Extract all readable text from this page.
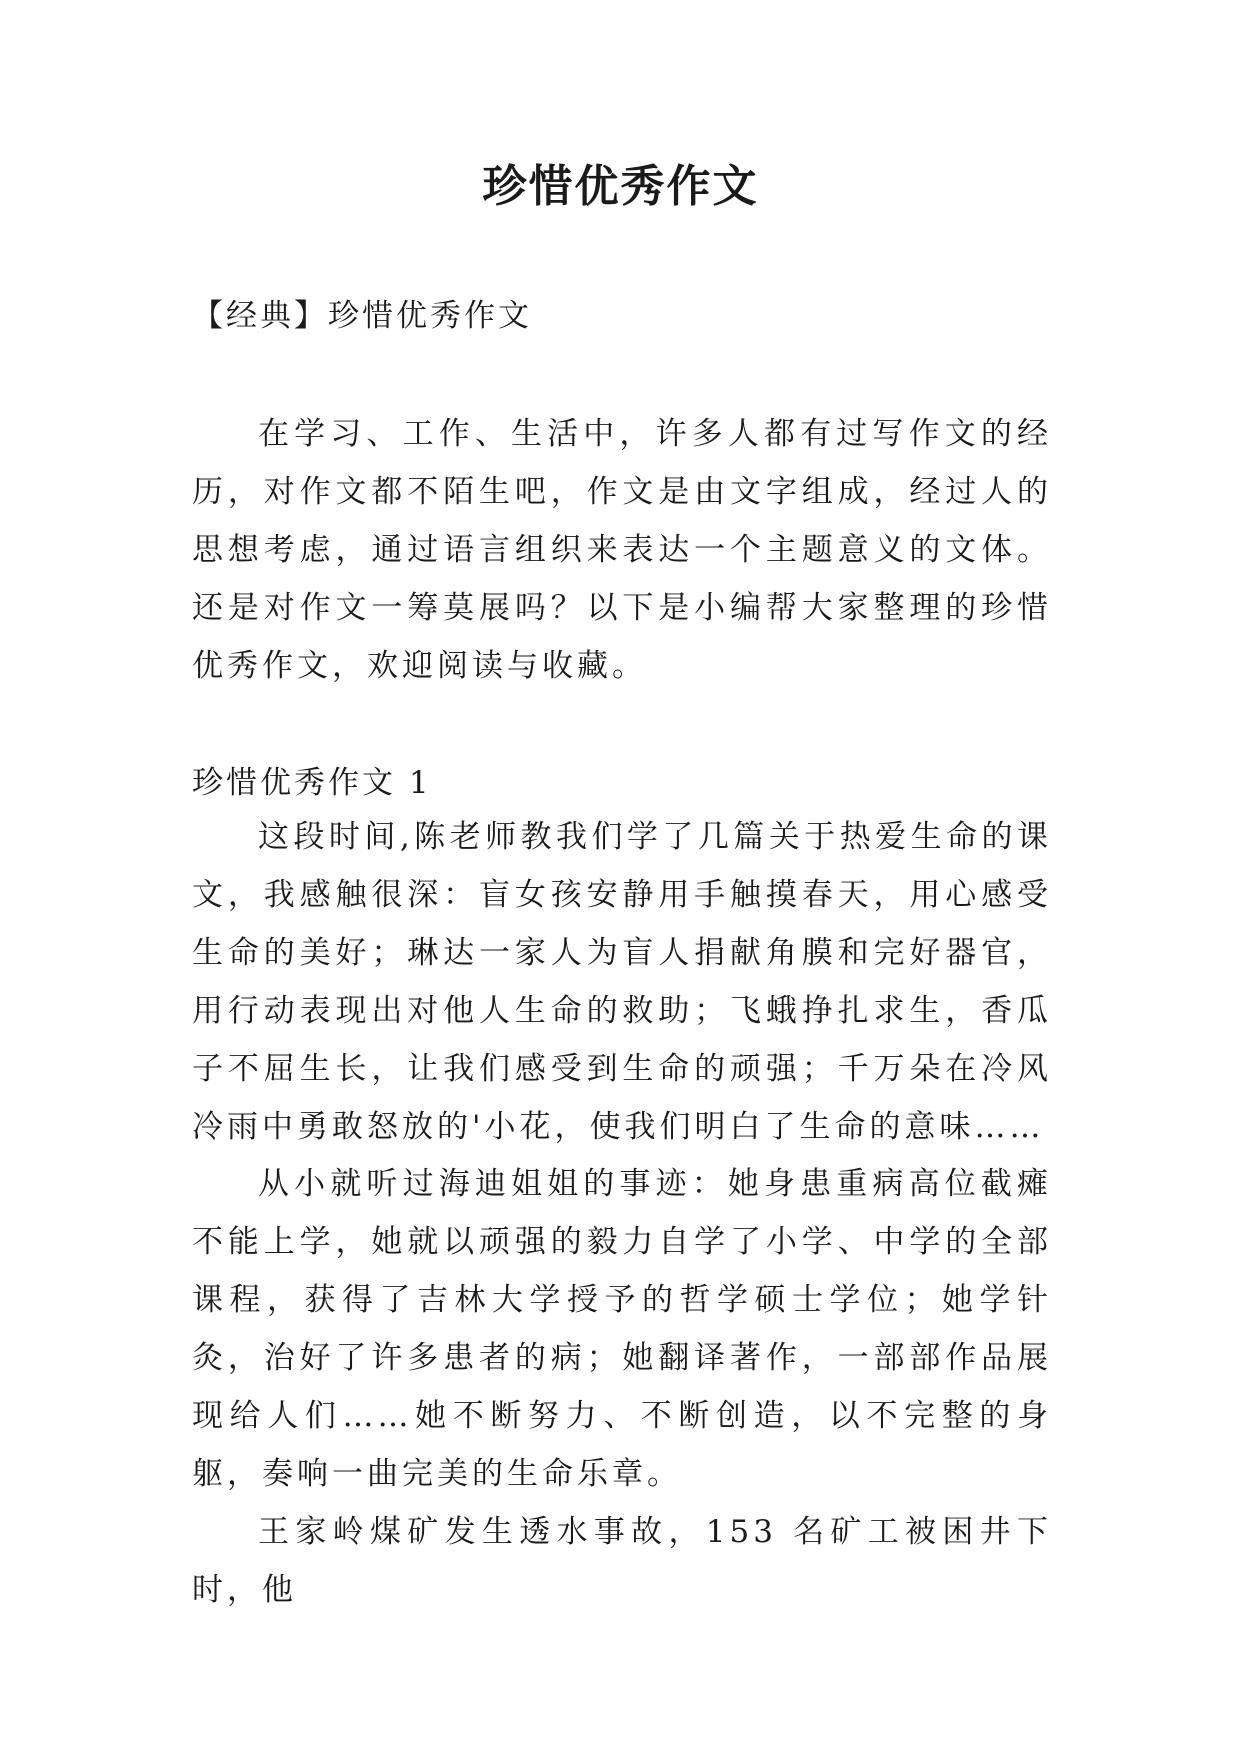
珍惜优秀作文
【经典】珍惜优秀作文
在学习、工作、生活中，许多人都有过写作文的经历，对作文都不陌生吧，作文是由文字组成，经过人的思想考虑，通过语言组织来表达一个主题意义的文体。还是对作文一筹莫展吗？以下是小编帮大家整理的珍惜优秀作文，欢迎阅读与收藏。
珍惜优秀作文 1
这段时间,陈老师教我们学了几篇关于热爱生命的课文，我感触很深：盲女孩安静用手触摸春天，用心感受生命的美好；琳达一家人为盲人捐献角膜和完好器官，用行动表现出对他人生命的救助；飞蛾挣扎求生，香瓜子不屈生长，让我们感受到生命的顽强；千万朵在冷风冷雨中勇敢怒放的'小花，使我们明白了生命的意味……
从小就听过海迪姐姐的事迹：她身患重病高位截瘫不能上学，她就以顽强的毅力自学了小学、中学的全部课程，获得了吉林大学授予的哲学硕士学位；她学针灸，治好了许多患者的病；她翻译著作，一部部作品展现给人们……她不断努力、不断创造，以不完整的身躯，奏响一曲完美的生命乐章。
王家岭煤矿发生透水事故，153 名矿工被困井下时，他
